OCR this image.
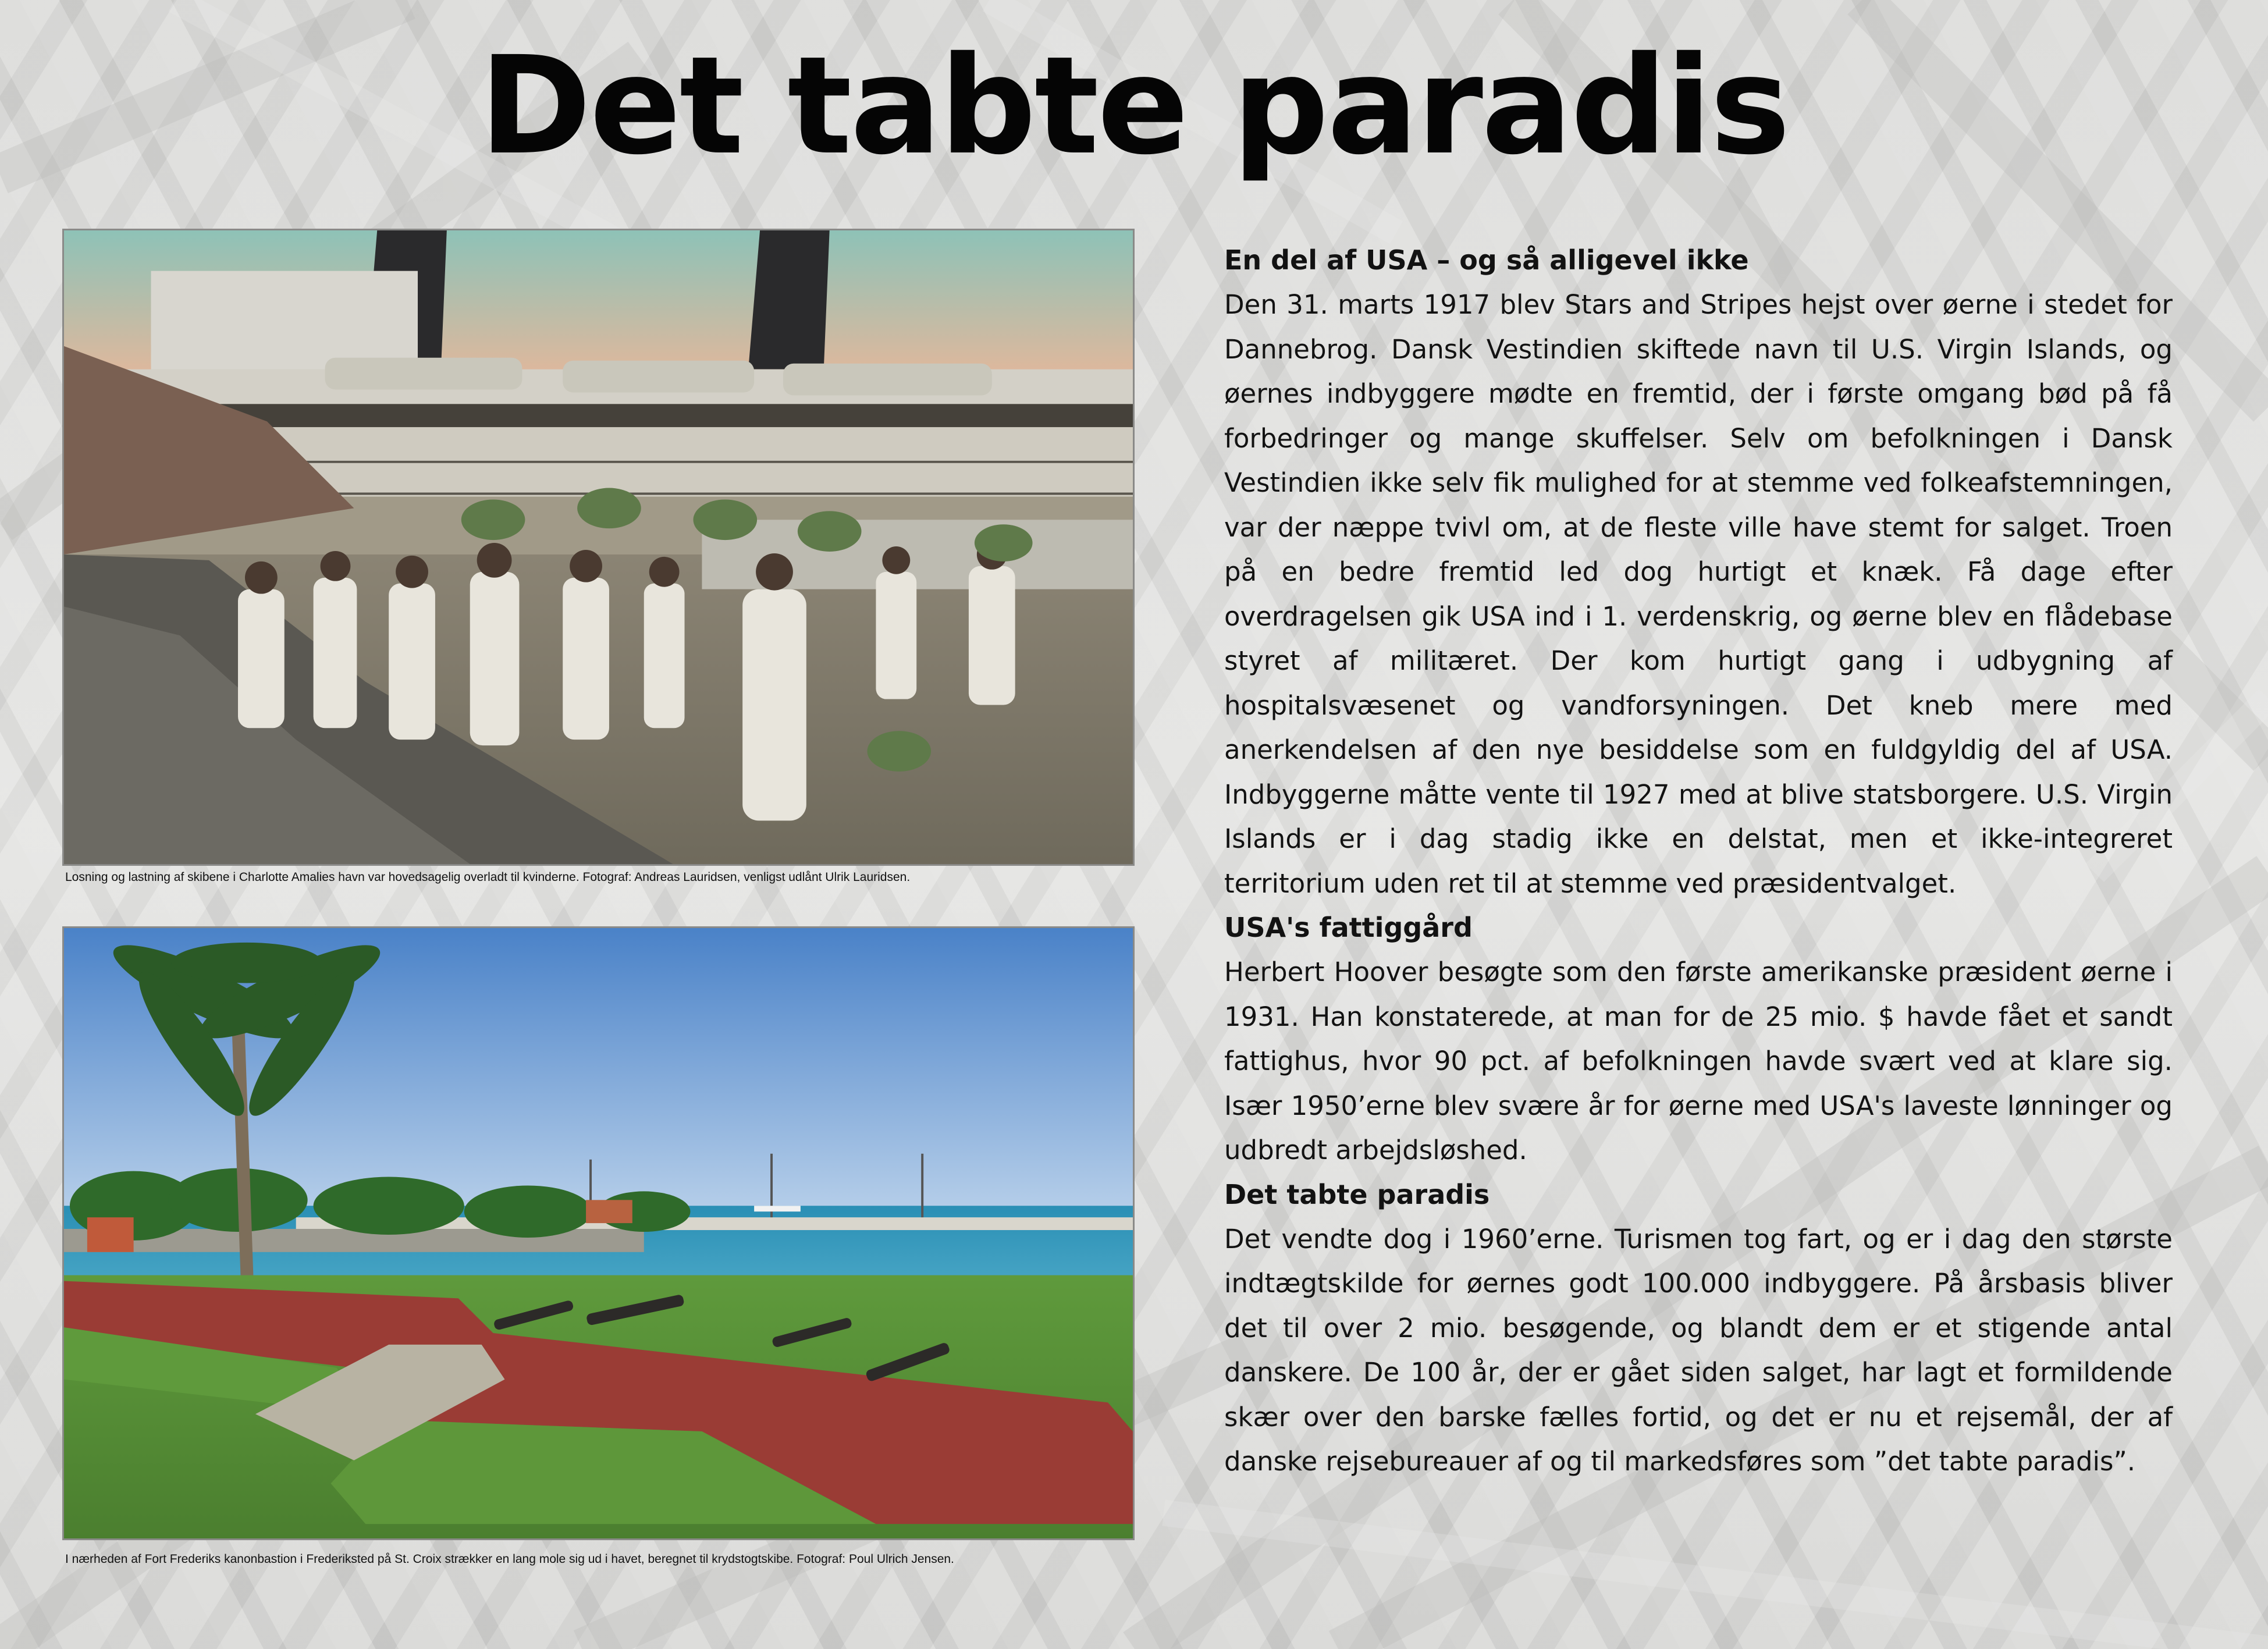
Det tabte paradis
Losning og lastning af skibene i Charlotte Amalies havn var hovedsagelig overladt til kvinderne. Fotograf: Andreas Lauridsen, venligst udlånt Ulrik Lauridsen.
I nærheden af Fort Frederiks kanonbastion i Frederiksted på St. Croix strækker en lang mole sig ud i havet, beregnet til krydstogtskibe. Fotograf: Poul Ulrich Jensen.
En del af USA – og så alligevel ikke

Den 31. marts 1917 blev Stars and Stripes hejst over øerne i stedet for Dannebrog. Dansk Vestindien skiftede navn til U.S. Virgin Islands, og øernes indbyggere mødte en fremtid, der i første omgang bød på få forbedringer og mange skuffelser. Selv om befolkningen i Dansk Vestindien ikke selv fik mulighed for at stemme ved folkeafstemningen, var der næppe tvivl om, at de fleste ville have stemt for salget. Troen på en bedre fremtid led dog hurtigt et knæk. Få dage efter overdragelsen gik USA ind i 1. verdenskrig, og øerne blev en flådebase styret af militæret. Der kom hurtigt gang i udbygning af hospitalsvæsenet og vandforsyningen. Det kneb mere med anerkendelsen af den nye besiddelse som en fuldgyldig del af USA. Indbyggerne måtte vente til 1927 med at blive statsborgere. U.S. Virgin Islands er i dag stadig ikke en delstat, men et ikke-integreret territorium uden ret til at stemme ved præsidentvalget.

USA's fattiggård

Herbert Hoover besøgte som den første amerikanske præsident øerne i 1931. Han konstaterede, at man for de 25 mio. $ havde fået et sandt fattighus, hvor 90 pct. af befolkningen havde svært ved at klare sig. Især 1950’erne blev svære år for øerne med USA's laveste lønninger og udbredt arbejdsløshed.

Det tabte paradis

Det vendte dog i 1960’erne. Turismen tog fart, og er i dag den største indtægtskilde for øernes godt 100.000 indbyggere. På årsbasis bliver det til over 2 mio. besøgende, og blandt dem er et stigende antal danskere. De 100 år, der er gået siden salget, har lagt et formildende skær over den barske fælles fortid, og det er nu et rejsemål, der af danske rejsebureauer af og til markedsføres som ”det tabte paradis”.
